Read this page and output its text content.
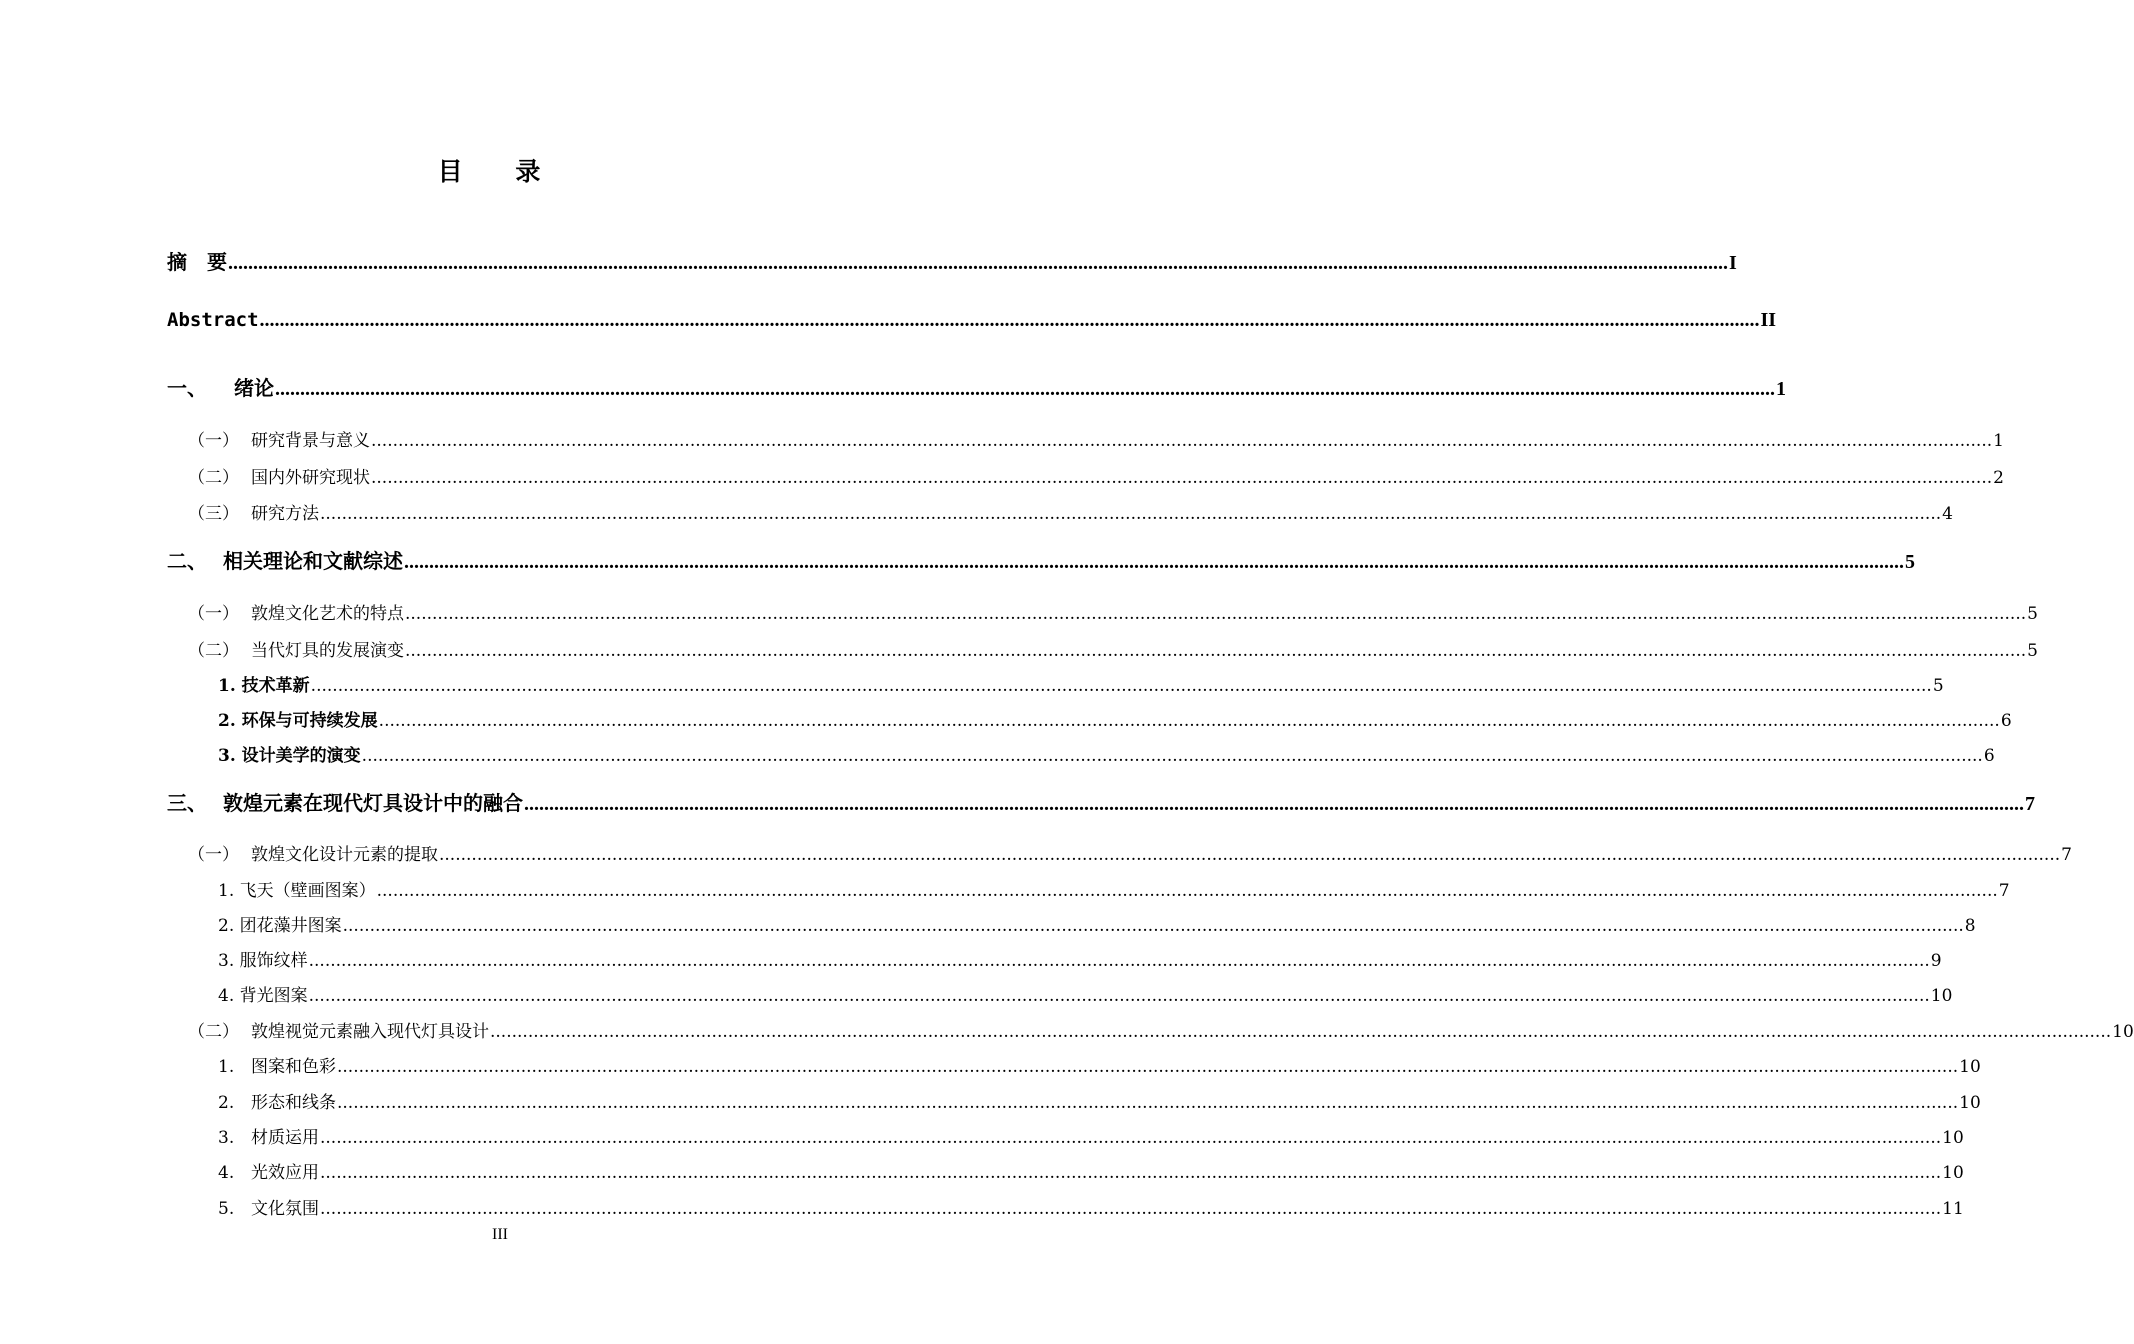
目 录
摘　要 ............................................................................................................................................................................................................................................................................................................ I
Abstract ............................................................................................................................................................................................................................................................................................................ II
一、 绪论 ............................................................................................................................................................................................................................................................................................................ 1
（一） 研究背景与意义 ............................................................................................................................................................................................................................................................................................................ 1
（二） 国内外研究现状 ............................................................................................................................................................................................................................................................................................................ 2
（三） 研究方法 ............................................................................................................................................................................................................................................................................................................ 4
二、 相关理论和文献综述 ............................................................................................................................................................................................................................................................................................................ 5
（一） 敦煌文化艺术的特点 ............................................................................................................................................................................................................................................................................................................ 5
（二） 当代灯具的发展演变 ............................................................................................................................................................................................................................................................................................................ 5
1. 技术革新 ............................................................................................................................................................................................................................................................................................................ 5
2. 环保与可持续发展 ............................................................................................................................................................................................................................................................................................................ 6
3. 设计美学的演变 ............................................................................................................................................................................................................................................................................................................ 6
三、 敦煌元素在现代灯具设计中的融合 ............................................................................................................................................................................................................................................................................................................ 7
（一） 敦煌文化设计元素的提取 ............................................................................................................................................................................................................................................................................................................ 7
1. 飞天（壁画图案） ............................................................................................................................................................................................................................................................................................................ 7
2. 团花藻井图案 ............................................................................................................................................................................................................................................................................................................ 8
3. 服饰纹样 ............................................................................................................................................................................................................................................................................................................ 9
4. 背光图案 ............................................................................................................................................................................................................................................................................................................ 10
（二） 敦煌视觉元素融入现代灯具设计 ............................................................................................................................................................................................................................................................................................................ 10
1. 图案和色彩 ............................................................................................................................................................................................................................................................................................................ 10
2. 形态和线条 ............................................................................................................................................................................................................................................................................................................ 10
3. 材质运用 ............................................................................................................................................................................................................................................................................................................ 10
4. 光效应用 ............................................................................................................................................................................................................................................................................................................ 10
5. 文化氛围 ............................................................................................................................................................................................................................................................................................................ 11
III
